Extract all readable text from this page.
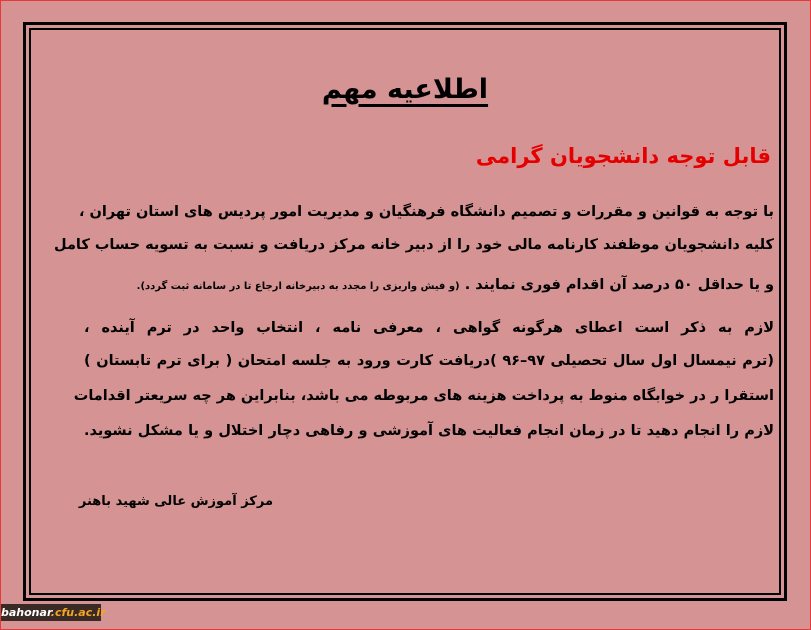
اطلاعیه مهم
قابل توجه دانشجویان گرامی
با توجه به قوانین و مقررات و تصمیم دانشگاه فرهنگیان و مدیریت امور پردیس های استان تهران ،
کلیه دانشجویان موظفند کارنامه مالی خود را از دبیر خانه مرکز دریافت و نسبت به تسویه حساب کامل
و یا حداقل ۵۰ درصد آن اقدام فوری نمایند . (و فیش واریزی را مجدد به دبیرخانه ارجاع تا در سامانه ثبت گردد).
لازم به ذکر است اعطای هرگونه گواهی ، معرفی نامه ، انتخاب واحد در ترم آینده ،
(ترم نیمسال اول سال تحصیلی ۹۷–۹۶ )دریافت کارت ورود به جلسه امتحان ( برای ترم تابستان )
استقرا ر در خوابگاه منوط به پرداخت هزینه های مربوطه می باشد، بنابراین هر چه سریعتر اقدامات
لازم را انجام دهید تا در زمان انجام فعالیت های آموزشی و رفاهی دچار اختلال و یا مشکل نشوید.
مرکز آموزش عالی شهید باهنر
bahonar.cfu.ac.ir
